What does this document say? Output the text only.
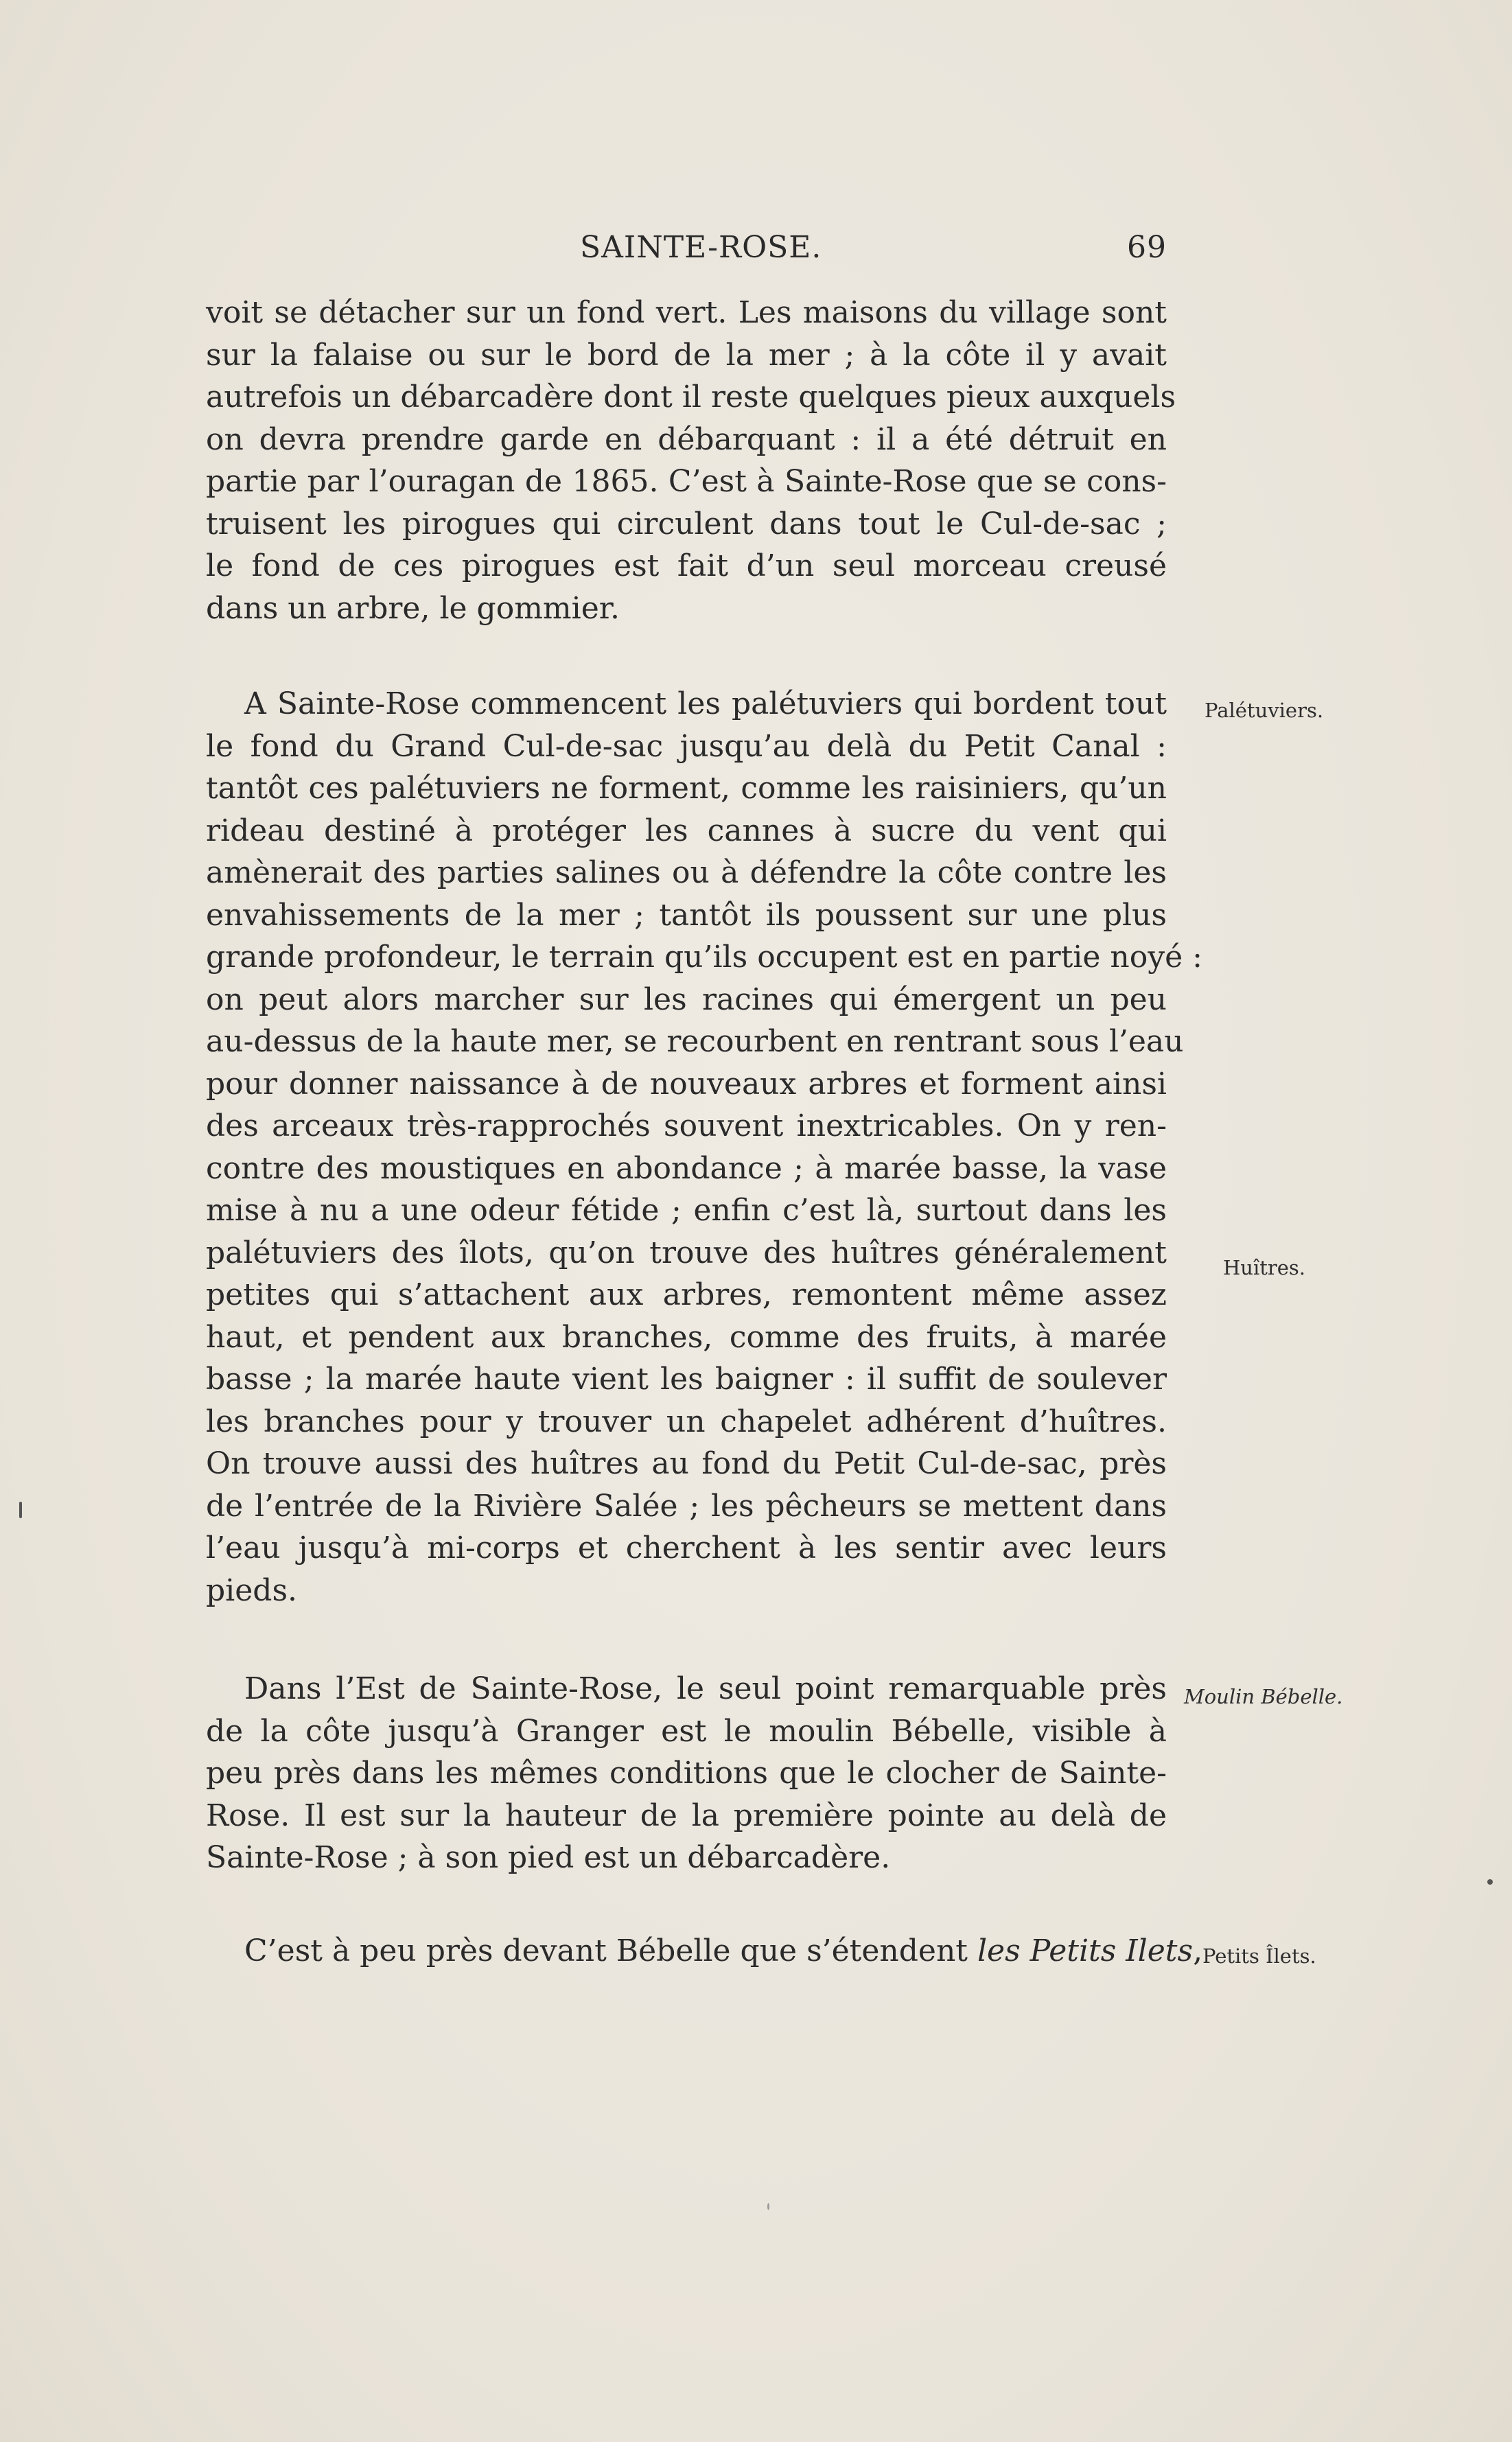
SAINTE-ROSE.	69
voit se détacher sur un fond vert. Les maisons du village sont
sur la falaise ou sur le bord de la mer ; à la côte il y avait
autrefois un débarcadère dont il reste quelques pieux auxquels
on devra prendre garde en débarquant : il a été détruit en
partie par l’ouragan de 1865. C’est à Sainte-Rose que se cons-
truisent les pirogues qui circulent dans tout le Cul-de-sac ;
le fond de ces pirogues est fait d’un seul morceau creusé
dans un arbre, le gommier.
A Sainte-Rose commencent les palétuviers qui bordent tout
le fond du Grand Cul-de-sac jusqu’au delà du Petit Canal :
tantôt ces palétuviers ne forment, comme les raisiniers, qu’un
rideau destiné à protéger les cannes à sucre du vent qui
amènerait des parties salines ou à défendre la côte contre les
envahissements de la mer ; tantôt ils poussent sur une plus
grande profondeur, le terrain qu’ils occupent est en partie noyé :
on peut alors marcher sur les racines qui émergent un peu
au-dessus de la haute mer, se recourbent en rentrant sous l’eau
pour donner naissance à de nouveaux arbres et forment ainsi
des arceaux très-rapprochés souvent inextricables. On y ren-
contre des moustiques en abondance ; à marée basse, la vase
mise à nu a une odeur fétide ; enfin c’est là, surtout dans les
palétuviers des îlots, qu’on trouve des huîtres généralement
petites qui s’attachent aux arbres, remontent même assez
haut, et pendent aux branches, comme des fruits, à marée
basse ; la marée haute vient les baigner : il suffit de soulever
les branches pour y trouver un chapelet adhérent d’huîtres.
On trouve aussi des huîtres au fond du Petit Cul-de-sac, près
de l’entrée de la Rivière Salée ; les pêcheurs se mettent dans
l’eau jusqu’à mi-corps et cherchent à les sentir avec leurs
pieds.
Dans l’Est de Sainte-Rose, le seul point remarquable près
de la côte jusqu’à Granger est le moulin Bébelle, visible à
peu près dans les mêmes conditions que le clocher de Sainte-
Rose. Il est sur la hauteur de la première pointe au delà de
Sainte-Rose ; à son pied est un débarcadère.
C’est à peu près devant Bébelle que s’étendent les Petits Ilets,
Palétuviers.
Huîtres.
Moulin Bébelle.
Petits Îlets.
